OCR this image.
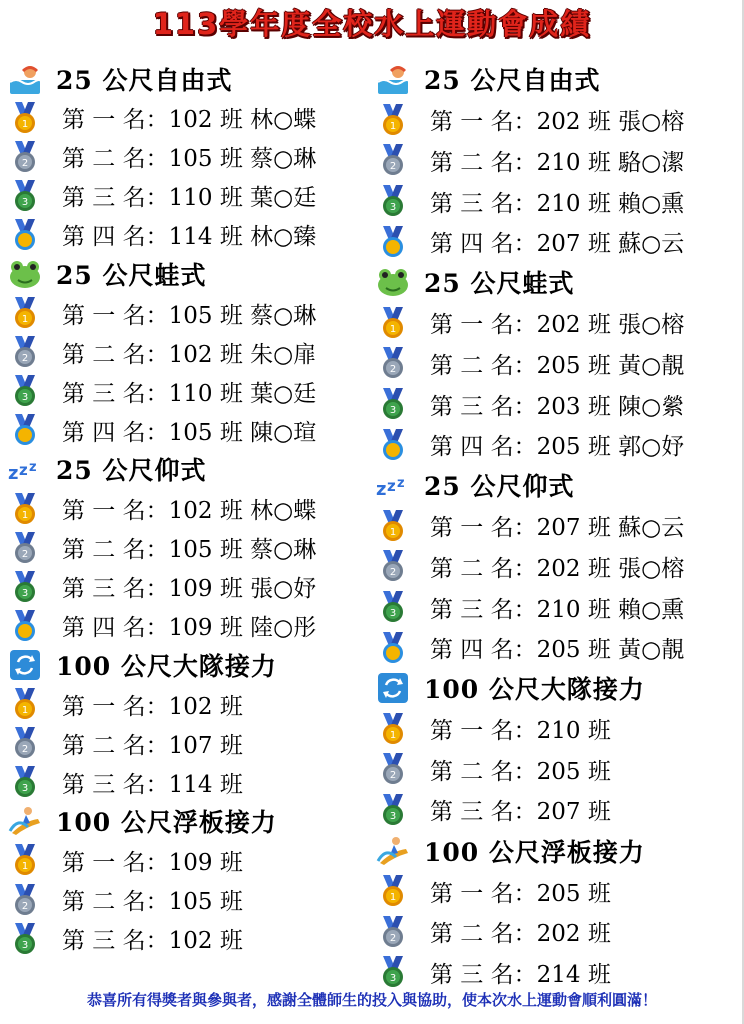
113學年度全校水上運動會成績
25 公尺自由式
1 第 一 名：102 班 林○蝶
2 第 二 名：105 班 蔡○琳
3 第 三 名：110 班 葉○廷
第 四 名：114 班 林○臻
25 公尺蛙式
1 第 一 名：105 班 蔡○琳
2 第 二 名：102 班 朱○扉
3 第 三 名：110 班 葉○廷
第 四 名：105 班 陳○瑄
z z z 25 公尺仰式
1 第 一 名：102 班 林○蝶
2 第 二 名：105 班 蔡○琳
3 第 三 名：109 班 張○妤
第 四 名：109 班 陸○彤
100 公尺大隊接力
1 第 一 名：102 班
2 第 二 名：107 班
3 第 三 名：114 班
100 公尺浮板接力
1 第 一 名：109 班
2 第 二 名：105 班
3 第 三 名：102 班
25 公尺自由式
1 第 一 名：202 班 張○榕
2 第 二 名：210 班 駱○潔
3 第 三 名：210 班 賴○熏
第 四 名：207 班 蘇○云
25 公尺蛙式
1 第 一 名：202 班 張○榕
2 第 二 名：205 班 黃○靚
3 第 三 名：203 班 陳○縈
第 四 名：205 班 郭○妤
z z z 25 公尺仰式
1 第 一 名：207 班 蘇○云
2 第 二 名：202 班 張○榕
3 第 三 名：210 班 賴○熏
第 四 名：205 班 黃○靚
100 公尺大隊接力
1 第 一 名：210 班
2 第 二 名：205 班
3 第 三 名：207 班
100 公尺浮板接力
1 第 一 名：205 班
2 第 二 名：202 班
3 第 三 名：214 班
恭喜所有得獎者與參與者，感謝全體師生的投入與協助，使本次水上運動會順利圓滿！
